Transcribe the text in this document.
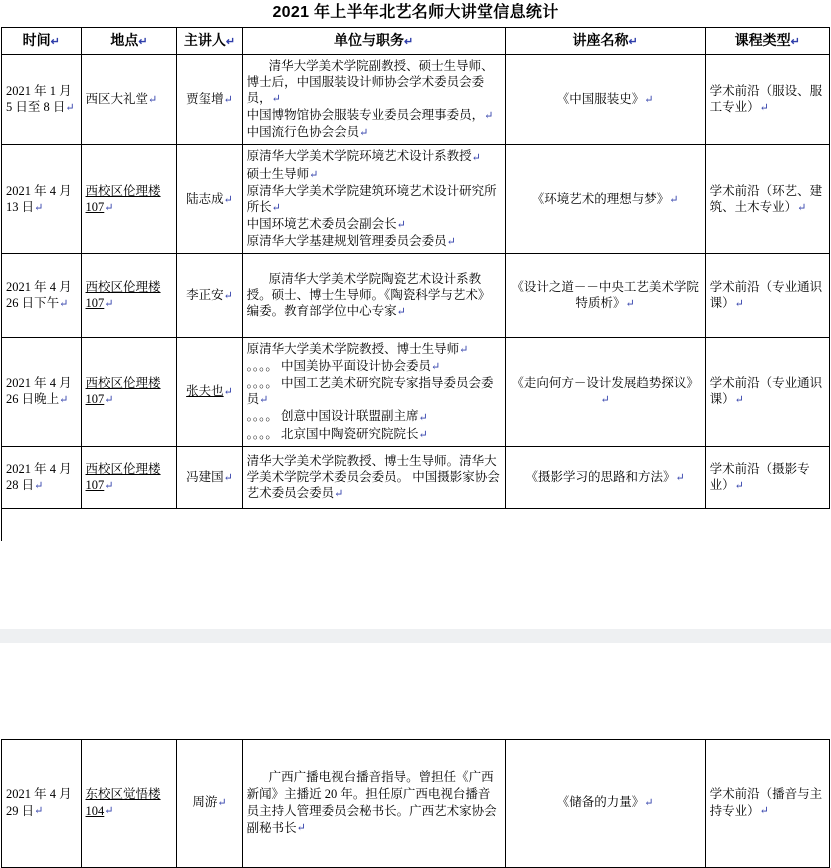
2021 年上半年北艺名师大讲堂信息统计
时间 ↵	地点 ↵	主讲人 ↵	单位与职务 ↵	讲座名称 ↵	课程类型 ↵
2021 年 1 月 5 日至 8 日 ↵	西区大礼堂 ↵	贾玺增 ↵	清华大学美术学院副教授、硕士生导师、博士后，中国服装设计师协会学术委员会委员， ↵
中国博物馆协会服装专业委员会理事委员， ↵
中国流行色协会会员 ↵	《中国服装史》 ↵	学术前沿（服设、服工专业） ↵
2021 年 4 月 13 日 ↵	西校区伦理楼 107 ↵	陆志成 ↵	原清华大学美术学院环境艺术设计系教授 ↵
硕士生导师 ↵
原清华大学美术学院建筑环境艺术设计研究所所长 ↵
中国环境艺术委员会副会长 ↵
原清华大学基建规划管理委员会委员 ↵	《环境艺术的理想与梦》 ↵	学术前沿（环艺、建筑、土木专业） ↵
2021 年 4 月 26 日下午 ↵	西校区伦理楼 107 ↵	李正安 ↵	原清华大学美术学院陶瓷艺术设计系教授。硕士、博士生导师。《陶瓷科学与艺术》编委。教育部学位中心专家 ↵	《设计之道－－中央工艺美术学院特质析》 ↵	学术前沿（专业通识课） ↵
2021 年 4 月 26 日晚上 ↵	西校区伦理楼 107 ↵	张夫也 ↵	原清华大学美术学院教授、博士生导师 ↵
。。。。 中国美协平面设计协会委员 ↵
。。。。 中国工艺美术研究院专家指导委员会委员 ↵
。。。。 创意中国设计联盟副主席 ↵
。。。。 北京国中陶瓷研究院院长 ↵	《走向何方－设计发展趋势探议》 ↵	学术前沿（专业通识课） ↵
2021 年 4 月 28 日 ↵	西校区伦理楼 107 ↵	冯建国 ↵	清华大学美术学院教授、博士生导师。清华大学美术学院学术委员会委员。 中国摄影家协会艺术委员会委员 ↵	《摄影学习的思路和方法》 ↵	学术前沿（摄影专业） ↵
2021 年 4 月 29 日 ↵	东校区觉悟楼 104 ↵	周游 ↵	
广西广播电视台播音指导。曾担任《广西新闻》主播近 20 年。担任原广西电视台播音员主持人管理委员会秘书长。广西艺术家协会副秘书长 ↵
	《储备的力量》 ↵	学术前沿（播音与主持专业） ↵
